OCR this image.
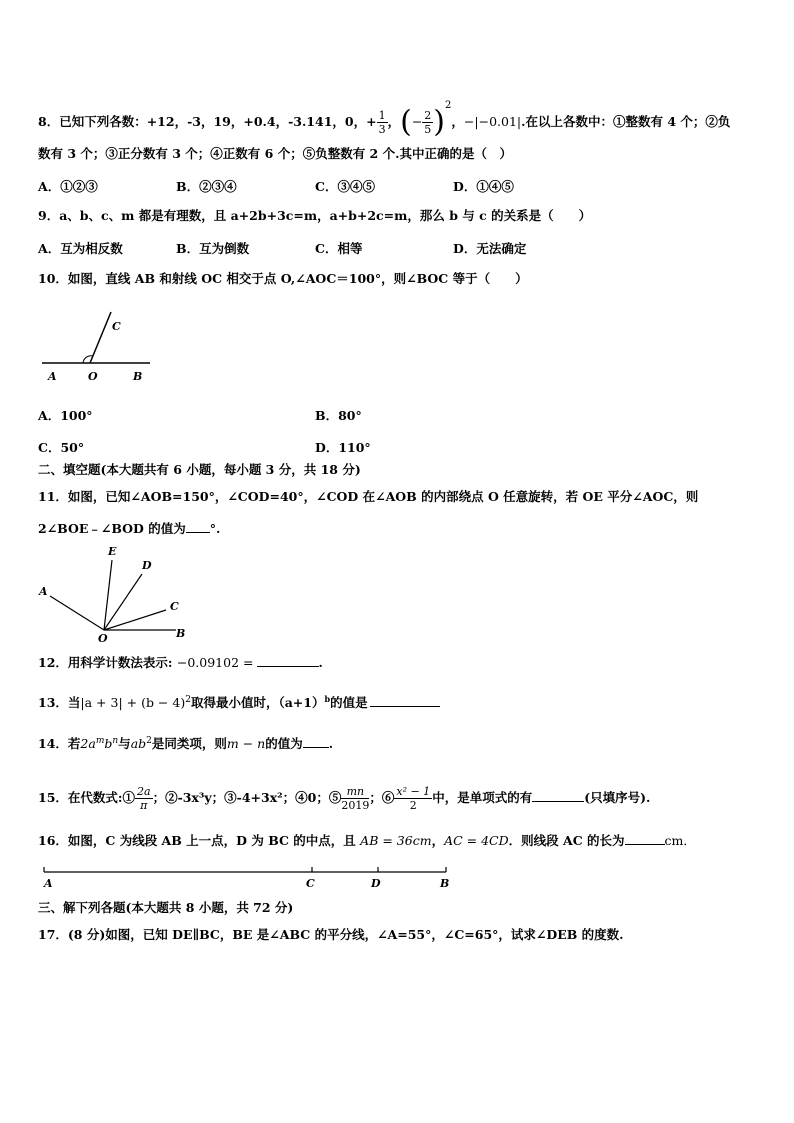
8．已知下列各数：+12，-3，19，+0.4，-3.141，0，+ $\frac{1}{3}$ ，(− $\frac{2}{5} )^2$，−|−0.01|.在以上各数中：①整数有 4 个；②负
数有 3 个；③正分数有 3 个；④正数有 6 个；⑤负整数有 2 个.其中正确的是（　）
A．①②③	B．②③④	C．③④⑤	D．①④⑤
9．a、b、c、m 都是有理数，且 a+2b+3c=m，a+b+2c=m，那么 b 与 c 的关系是（　　）
A．互为相反数	B．互为倒数	C．相等	D．无法确定
10．如图，直线 AB 和射线 OC 相交于点 O,∠AOC＝100°，则∠BOC 等于（　　）
C
A	O	B
A．100°	B．80°
C．50°	D．110°
二、填空题(本大题共有 6 小题，每小题 3 分，共 18 分)
11．如图，已知∠AOB=150°，∠COD=40°，∠COD 在∠AOB 的内部绕点 O 任意旋转，若 OE 平分∠AOC，则
2∠BOE﹣∠BOD 的值为 °.
E
D
A
C
O	B
12．用科学计数法表示: −0.09102 =	.
13．当$|a + 3| + (b - 4)^2$取得最小值时，$(a+1)^b$的值是
14．若$2a^mb^n$与$ab^2$是同类项，则m − n的值为 .
15．在代数式:① $\frac{2a}{\pi}$ ；②-3x³y；③-4+3x²；④0；⑤ $\frac{mn}{2019}$ ；⑥ $\frac{\text{x² − 1}}{2}$ 中，是单项式的有	(只填序号).
16．如图，C 为线段 AB 上一点，D 为 BC 的中点，且 AB = 36cm，AC = 4CD．则线段 AC 的长为	cm．
A	C	D	B
三、解下列各题(本大题共 8 小题，共 72 分)
17．(8 分)如图，已知 DE∥BC，BE 是∠ABC 的平分线，∠A=55°，∠C=65°，试求∠DEB 的度数.
